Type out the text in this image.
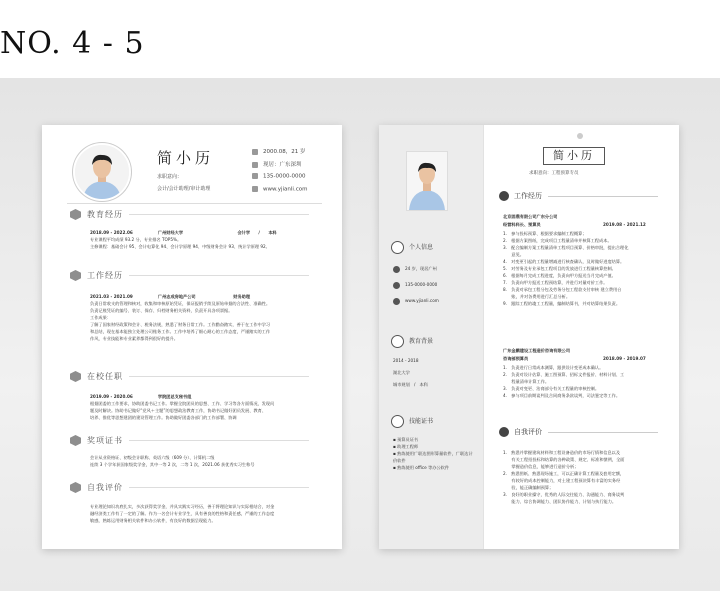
NO. 4 - 5
简小历
求职意向：
会计/会计助理/审计助理
2000.08，21 岁
现居：广东深圳
135-0000-0000
www.yjianli.com
教育经历
2018.09 - 2022.06　　　　　　广州财经大学　　　　　　　　　　　　　会计学　　/　　本科
专业课程平均成绩 93.2 分，专业排名 TOP5%。
主修课程：基础会计 95、会计电算化 94、会计学原理 94、中级财务会计 93、统计学原理 92。
工作经历
2021.03 - 2021.09　　　　　　广州志成房地产公司　　　　　　　　　财务助理
负责日常收支的管理和核对，收集和审核原始凭证，保证报销手续及原始单据的合法性、准确性。
负责记账凭证的编号、装订、保存、归档财务相关资料，负责开具各项票据。
工作成果：
了解了国家财经政策和会计、税务法规，熟悉了财务日常工作。工作勤奋踏实，善于在工作中学习
和总结，现在基本能独立处理公司账务工作。工作中培养了细心耐心的工作态度，严谨踏实的工作
作风，专业技能和专业素养都得到很好的提升。
在校任职
2019.09 - 2020.06　　　　　　学院团总支秘书组
根据团委的工作要求，协助团委书记工作。掌握全院团员的思想、工作、学习等各方面情况，发现问
题及时解决。协助书记做好“党风＋主题”的思想政治教育工作，协助书记做好团员发展、教育、
培养、推优等思想建团的建设管理工作。协助做好团委各部门的工作部署、协调
奖项证书
会计从业资格证、初级会计职称、英语六级（609 分）、计算机二级
连续 3 个学年获国家级奖学金，其中一等 2 次，二等 1 次，2021.06 获优秀实习生称号
自我评价
专业理论知识功底扎实，多次获得奖学金，并具实践实习经历，善于将理论知识与实际相结合，对金
融经济类工作有了一定的了解。作为一名会计专业学生，具有善良的性格和责任感，严谨的工作态度
敏感，熟练运用财务相关软件和办公软件，有良好的数据呈现能力。
个人信息
24 岁，现居广州
135-0000-0000
www.yjianli.com
教育背景
2014 - 2018
湖北大学
城市规划　/　本科
技能证书
▪ 预算员证书
▪ 助理工程师
▪ 熟练使用广联达图形算量软件，广联达计价软件
▪ 熟练使用 office 等办公软件
简小历
求职意向：工程预算专员
工作经历
北京固鼎有限公司广东分公司
经营科科长、预算员	2019.08 - 2021.12
1.　参与投标预算、根据要求编制工程概算；
2.　根据方案图纸，完成项目工程量清单并核算工程成本。
3.　配合编制方案工程量清单工程项目预算、价格审批，提出合理化
　　意见。
4.　对变更引起的工程量增减进行核查确认，及时做好进度结算。
5.　对劳务及专业承包工程项目的发放进行工程量核算控制。
6.　根据每月完成工程进度，负责向甲方报送当月完成产值。
7.　负责向甲方报送工程预结算，并进行对量对价工作。
8.　负责对承包工程分包及劳务分包工程款支付审核 建立费用台
　　账，并对各费用进行汇总分析。
9.　跟踪工程的竣工工程量，编制结算书，并对结算结果负责。
广东金鹏建设工程造价咨询有限公司
咨询部预算员	2018.09 - 2019.07
1.　负责进行日常成本测算，跟供设计变更成本确认。
2.　负责对设计估算、施工图预算、招标文件报价、材料计划、工
　　程量清单计算工作。
3.　负责对变更、治商部分有关工程量的审核控制。
4.　参与项目前期谈判及合同商务条款谈判，司法鉴定等工作。
自我评价
1.　熟悉并掌握建筑材料和工程设备造价的市场行情和信息以及
　　有关工程招投标和结算的各种政策、规定、标准和惯例，全面
　　掌握造价信息，能够进行造价分析；
2.　熟悉图纸、熟悉现场施工，可以正确计算工程量及套用定额，
　　有较好的成本控制能力，对土建工程预决算有丰富的实务经
　　验，能正确编制预算；
3.　良好的职业操守，优秀的人际交往能力、沟通能力、商务谈判
　　能力、综合协调能力、团队协作能力、计划与执行能力。
